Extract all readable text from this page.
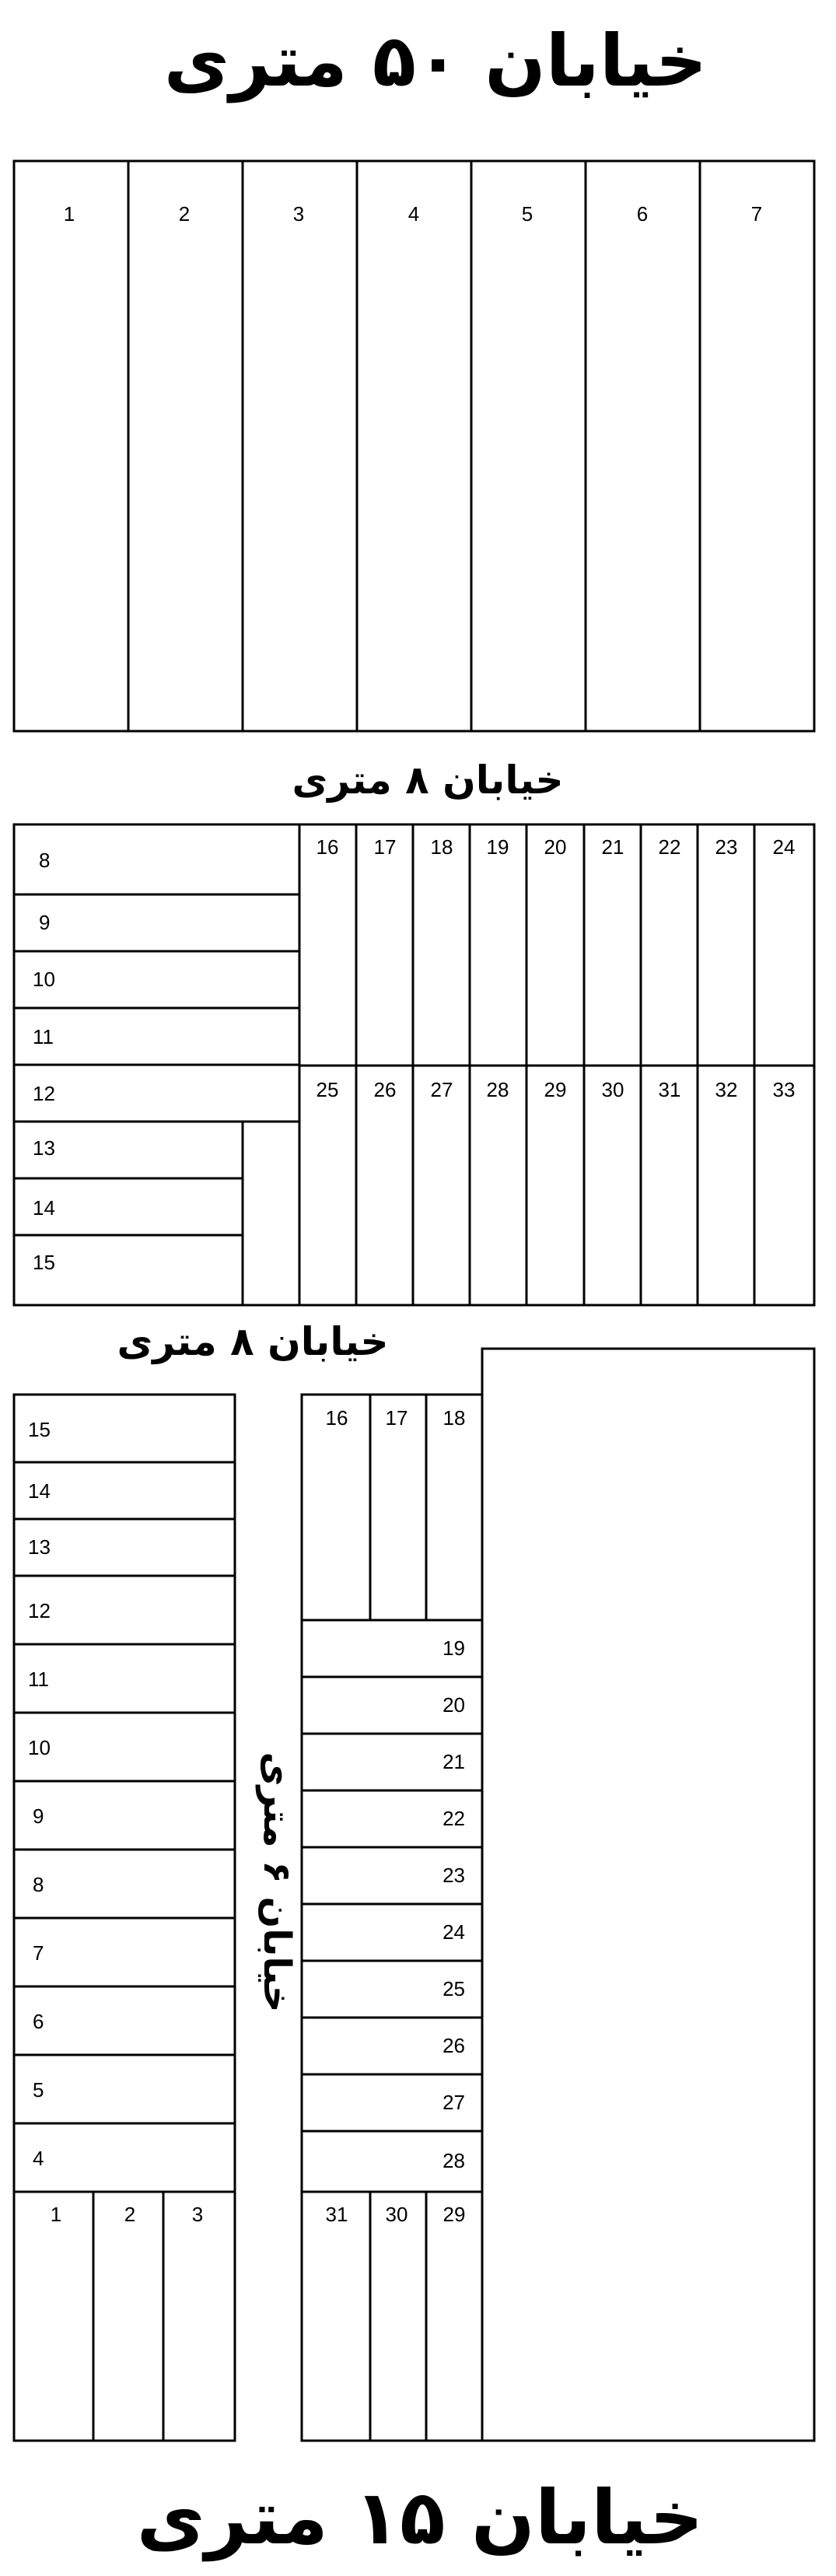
خیابان ۵۰ متری
خیابان ۸ متری
خیابان ۸ متری
خیابان ۶ متری
خیابان ۱۵ متری
1	2	3	4	5	6	7
8
9
10
11
12
13
14
15
16 17 18 19 20 21 22 23 24
25 26 27 28 29 30 31 32 33
15
14
13
12
11
10
9
8
7
6
5
4
1	2	3
16 17 18
19
20
21
22
23
24
25
26
27
28
31 30 29
